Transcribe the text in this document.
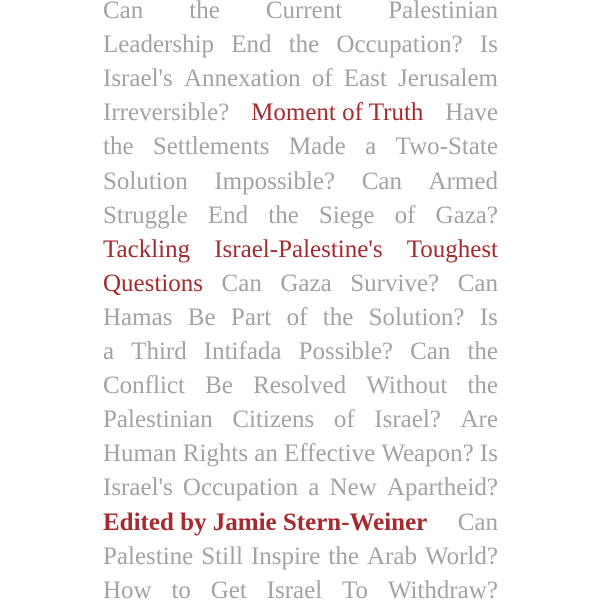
Can the Current Palestinian
Leadership End the Occupation? Is
Israel's Annexation of East Jerusalem
Irreversible? Moment of Truth Have
the Settlements Made a Two-State
Solution Impossible? Can Armed
Struggle End the Siege of Gaza?
Tackling Israel-Palestine's Toughest
Questions Can Gaza Survive? Can
Hamas Be Part of the Solution? Is
a Third Intifada Possible? Can the
Conflict Be Resolved Without the
Palestinian Citizens of Israel? Are
Human Rights an Effective Weapon? Is
Israel's Occupation a New Apartheid?
Edited by Jamie Stern-Weiner Can
Palestine Still Inspire the Arab World?
How to Get Israel To Withdraw?
